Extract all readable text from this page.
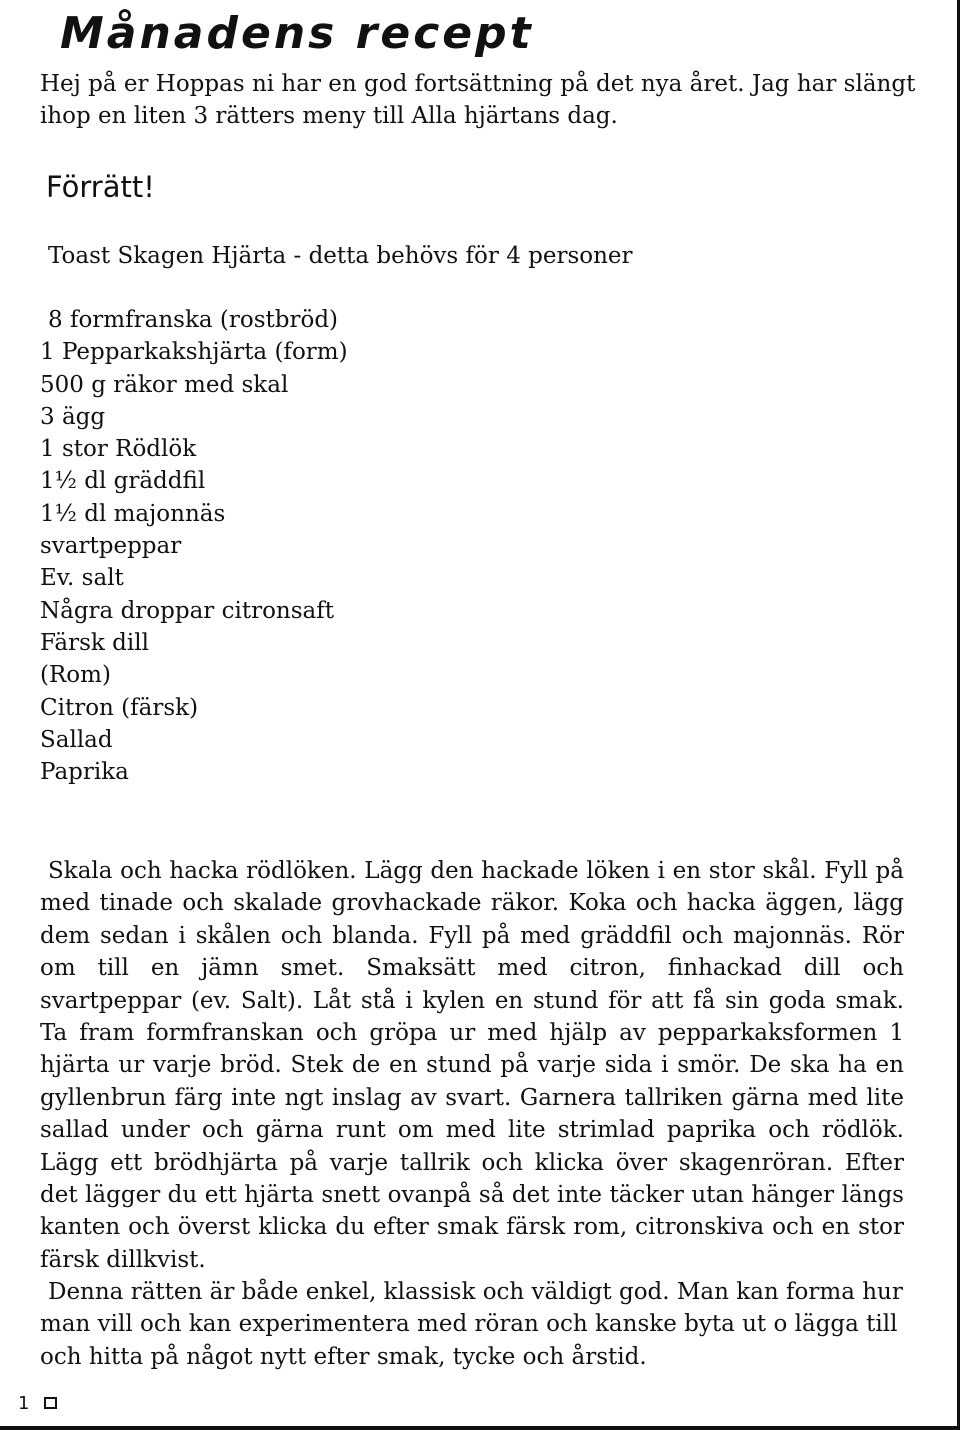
Månadens recept

Hej på er Hoppas ni har en god fortsättning på det nya året. Jag har slängt ihop en liten 3 rätters meny till Alla hjärtans dag.

Förrätt!

Toast Skagen Hjärta - detta behövs för 4 personer

8 formfranska (rostbröd)
1 Pepparkakshjärta (form)
500 g räkor med skal
3 ägg
1 stor Rödlök
1½ dl gräddfil
1½ dl majonnäs
svartpeppar
Ev. salt
Några droppar citronsaft
Färsk dill
(Rom)
Citron (färsk)
Sallad
Paprika

Skala och hacka rödlöken. Lägg den hackade löken i en stor skål. Fyll på med tinade och skalade grovhackade räkor. Koka och hacka äggen, lägg dem sedan i skålen och blanda. Fyll på med gräddfil och majonnäs. Rör om till en jämn smet. Smaksätt med citron, finhackad dill och svartpeppar (ev. Salt). Låt stå i kylen en stund för att få sin goda smak. Ta fram formfranskan och gröpa ur med hjälp av pepparkaksformen 1 hjärta ur varje bröd. Stek de en stund på varje sida i smör. De ska ha en gyllenbrun färg inte ngt inslag av svart. Garnera tallriken gärna med lite sallad under och gärna runt om med lite strimlad paprika och rödlök. Lägg ett brödhjärta på varje tallrik och klicka över skagenröran. Efter det lägger du ett hjärta snett ovanpå så det inte täcker utan hänger längs kanten och överst klicka du efter smak färsk rom, citronskiva och en stor färsk dillkvist.

Denna rätten är både enkel, klassisk och väldigt god. Man kan forma hur man vill och kan experimentera med röran och kanske byta ut o lägga till och hitta på något nytt efter smak, tycke och årstid.

1
